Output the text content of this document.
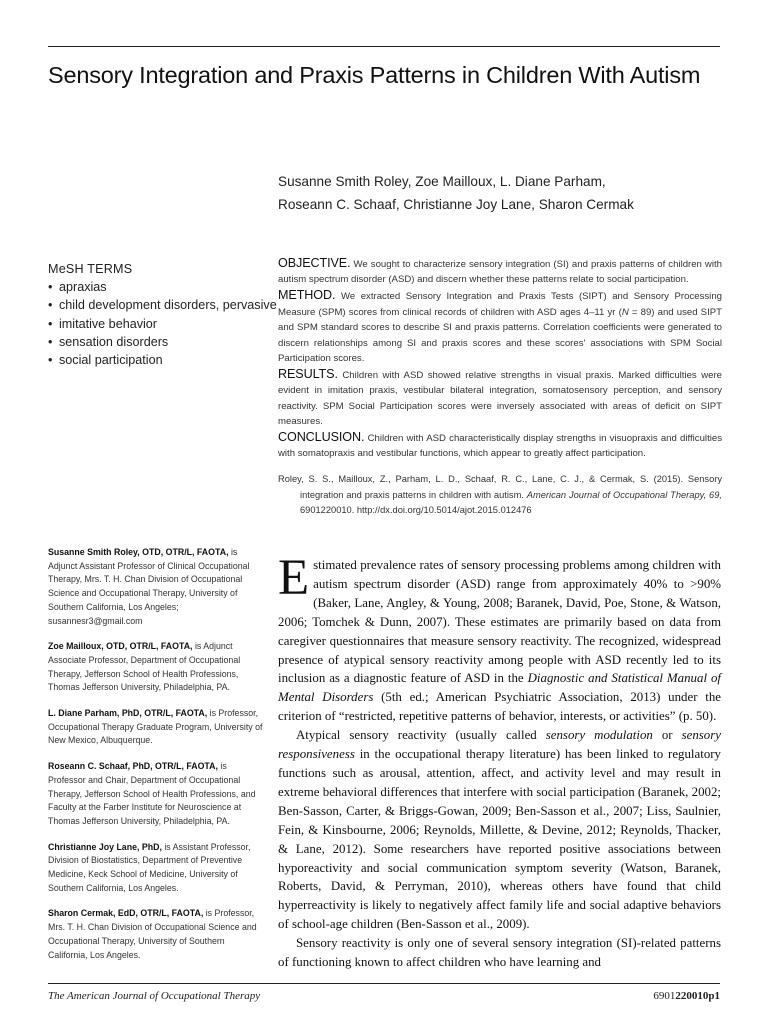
Sensory Integration and Praxis Patterns in Children With Autism
Susanne Smith Roley, Zoe Mailloux, L. Diane Parham,
Roseann C. Schaaf, Christianne Joy Lane, Sharon Cermak
MeSH TERMS
• apraxias
• child development disorders, pervasive
• imitative behavior
• sensation disorders
• social participation

OBJECTIVE. We sought to characterize sensory integration (SI) and praxis patterns of children with autism spectrum disorder (ASD) and discern whether these patterns relate to social participation.

METHOD. We extracted Sensory Integration and Praxis Tests (SIPT) and Sensory Processing Measure (SPM) scores from clinical records of children with ASD ages 4–11 yr (N = 89) and used SIPT and SPM standard scores to describe SI and praxis patterns. Correlation coefficients were generated to discern relationships among SI and praxis scores and these scores' associations with SPM Social Participation scores.

RESULTS. Children with ASD showed relative strengths in visual praxis. Marked difficulties were evident in imitation praxis, vestibular bilateral integration, somatosensory perception, and sensory reactivity. SPM Social Participation scores were inversely associated with areas of deficit on SIPT measures.

CONCLUSION. Children with ASD characteristically display strengths in visuopraxis and difficulties with somatopraxis and vestibular functions, which appear to greatly affect participation.

Roley, S. S., Mailloux, Z., Parham, L. D., Schaaf, R. C., Lane, C. J., & Cermak, S. (2015). Sensory integration and praxis patterns in children with autism. American Journal of Occupational Therapy, 69, 6901220010. http://dx.doi.org/10.5014/ajot.2015.012476

Susanne Smith Roley, OTD, OTR/L, FAOTA, is Adjunct Assistant Professor of Clinical Occupational Therapy, Mrs. T. H. Chan Division of Occupational Science and Occupational Therapy, University of Southern California, Los Angeles; susannesr3@gmail.com

Zoe Mailloux, OTD, OTR/L, FAOTA, is Adjunct Associate Professor, Department of Occupational Therapy, Jefferson School of Health Professions, Thomas Jefferson University, Philadelphia, PA.

L. Diane Parham, PhD, OTR/L, FAOTA, is Professor, Occupational Therapy Graduate Program, University of New Mexico, Albuquerque.

Roseann C. Schaaf, PhD, OTR/L, FAOTA, is Professor and Chair, Department of Occupational Therapy, Jefferson School of Health Professions, and Faculty at the Farber Institute for Neuroscience at Thomas Jefferson University, Philadelphia, PA.

Christianne Joy Lane, PhD, is Assistant Professor, Division of Biostatistics, Department of Preventive Medicine, Keck School of Medicine, University of Southern California, Los Angeles.

Sharon Cermak, EdD, OTR/L, FAOTA, is Professor, Mrs. T. H. Chan Division of Occupational Science and Occupational Therapy, University of Southern California, Los Angeles.

Estimated prevalence rates of sensory processing problems among children with autism spectrum disorder (ASD) range from approximately 40% to >90% (Baker, Lane, Angley, & Young, 2008; Baranek, David, Poe, Stone, & Watson, 2006; Tomchek & Dunn, 2007). These estimates are primarily based on data from caregiver questionnaires that measure sensory reactivity. The recognized, widespread presence of atypical sensory reactivity among people with ASD recently led to its inclusion as a diagnostic feature of ASD in the Diagnostic and Statistical Manual of Mental Disorders (5th ed.; American Psychiatric Association, 2013) under the criterion of “restricted, repetitive patterns of behavior, interests, or activities” (p. 50).

Atypical sensory reactivity (usually called sensory modulation or sensory responsiveness in the occupational therapy literature) has been linked to regulatory functions such as arousal, attention, affect, and activity level and may result in extreme behavioral differences that interfere with social participation (Baranek, 2002; Ben-Sasson, Carter, & Briggs-Gowan, 2009; Ben-Sasson et al., 2007; Liss, Saulnier, Fein, & Kinsbourne, 2006; Reynolds, Millette, & Devine, 2012; Reynolds, Thacker, & Lane, 2012). Some researchers have reported positive associations between hyporeactivity and social communication symptom severity (Watson, Baranek, Roberts, David, & Perryman, 2010), whereas others have found that child hyperreactivity is likely to negatively affect family life and social adaptive behaviors of school-age children (Ben-Sasson et al., 2009).

Sensory reactivity is only one of several sensory integration (SI)-related patterns of functioning known to affect children who have learning and

The American Journal of Occupational Therapy	6901220010p1
